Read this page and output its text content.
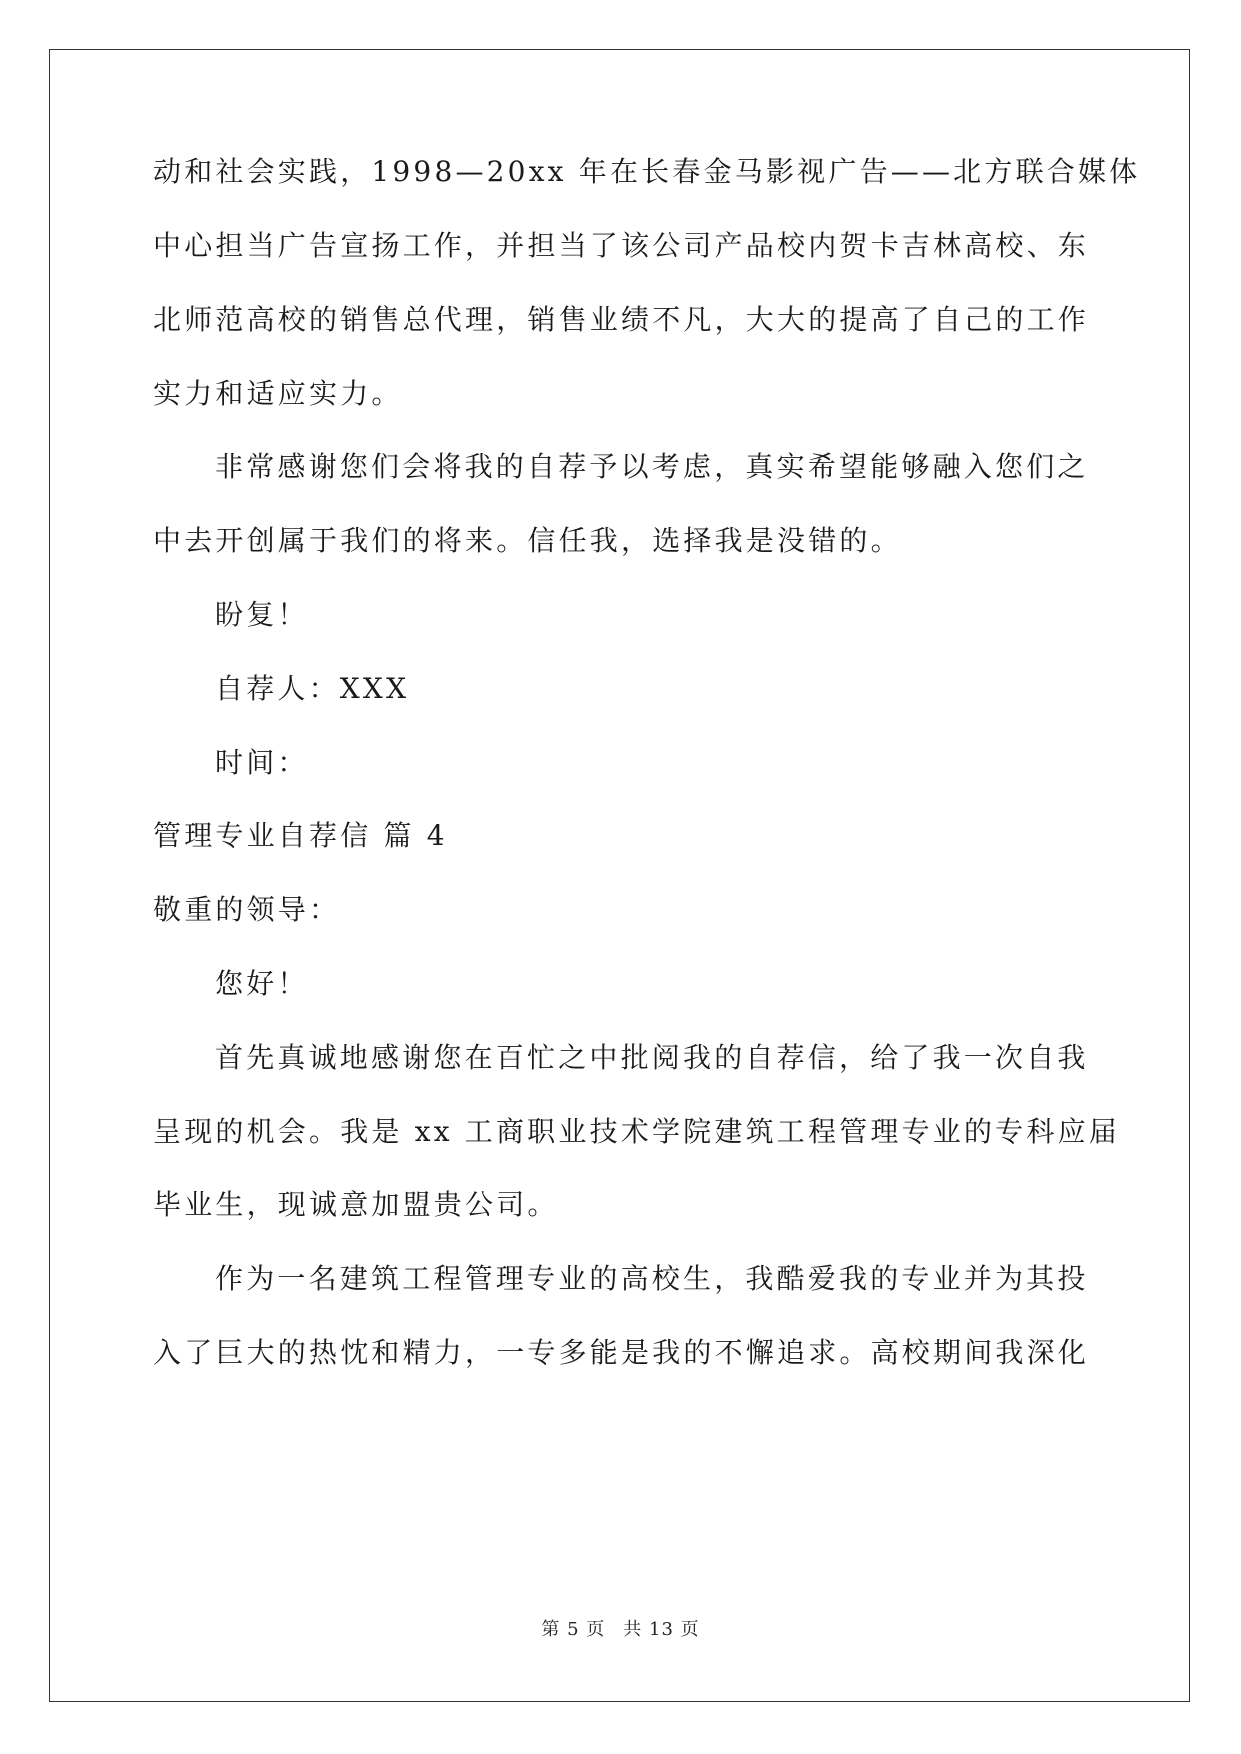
动和社会实践，1998—20xx 年在长春金马影视广告——北方联合媒体
中心担当广告宣扬工作，并担当了该公司产品校内贺卡吉林高校、东
北师范高校的销售总代理，销售业绩不凡，大大的提高了自己的工作
实力和适应实力。
非常感谢您们会将我的自荐予以考虑，真实希望能够融入您们之
中去开创属于我们的将来。信任我，选择我是没错的。
盼复！
自荐人：XXX
时间：
管理专业自荐信 篇 4
敬重的领导：
您好！
首先真诚地感谢您在百忙之中批阅我的自荐信，给了我一次自我
呈现的机会。我是 xx 工商职业技术学院建筑工程管理专业的专科应届
毕业生，现诚意加盟贵公司。
作为一名建筑工程管理专业的高校生，我酷爱我的专业并为其投
入了巨大的热忱和精力，一专多能是我的不懈追求。高校期间我深化
第 5 页 共 13 页
